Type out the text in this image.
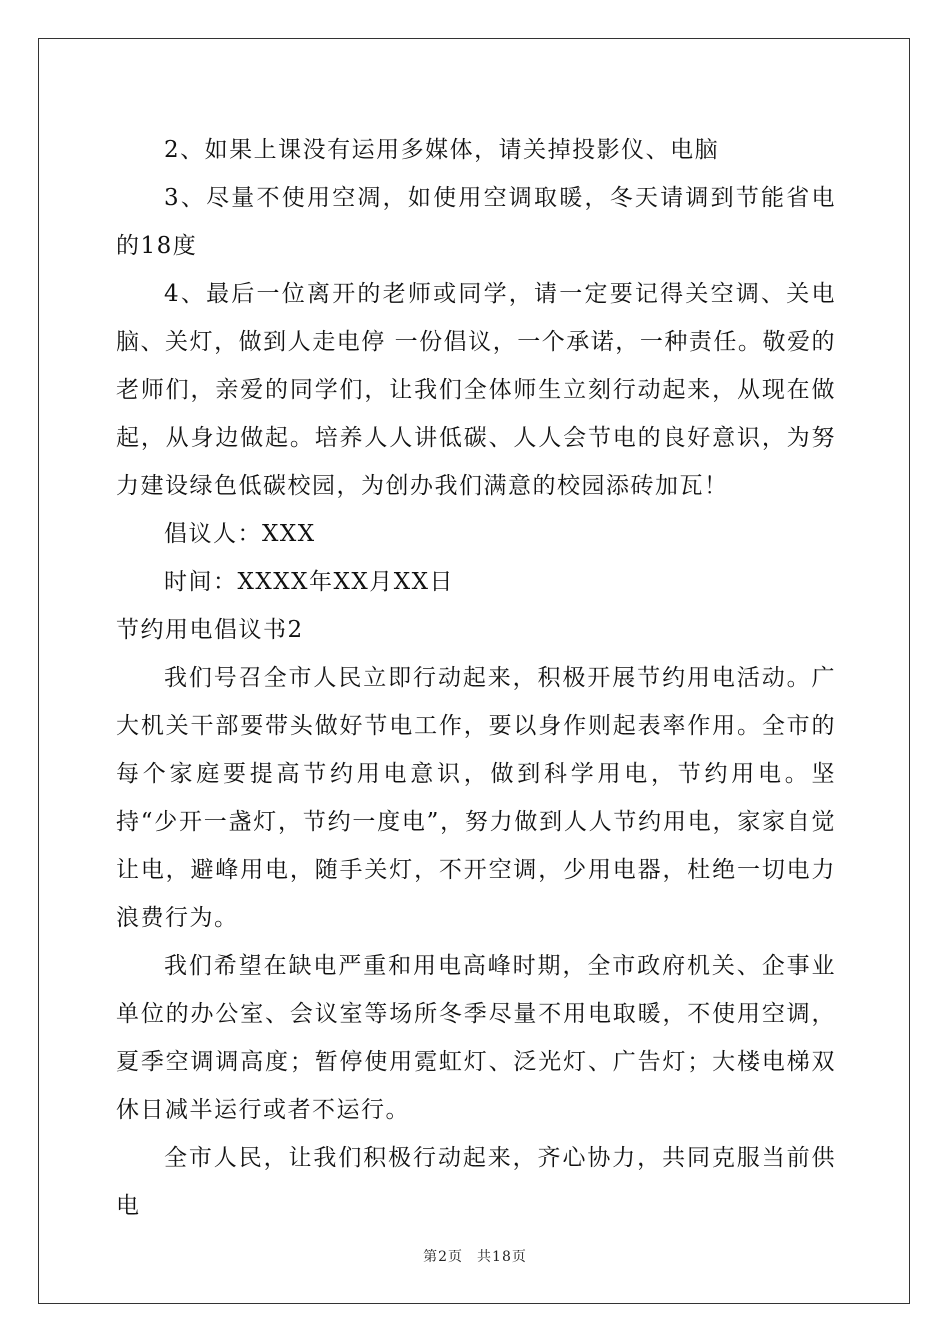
2、如果上课没有运用多媒体，请关掉投影仪、电脑

3、尽量不使用空凋，如使用空调取暖，冬天请调到节能省电的18度

4、最后一位离开的老师或同学，请一定要记得关空调、关电脑、关灯，做到人走电停 一份倡议，一个承诺，一种责任。敬爱的老师们，亲爱的同学们，让我们全体师生立刻行动起来，从现在做起，从身边做起。培养人人讲低碳、人人会节电的良好意识，为努力建设绿色低碳校园，为创办我们满意的校园添砖加瓦！

倡议人：XXX

时间：XXXX年XX月XX日

节约用电倡议书2

我们号召全市人民立即行动起来，积极开展节约用电活动。广大机关干部要带头做好节电工作，要以身作则起表率作用。全市的每个家庭要提高节约用电意识，做到科学用电，节约用电。坚持“少开一盏灯，节约一度电”，努力做到人人节约用电，家家自觉让电，避峰用电，随手关灯，不开空调，少用电器，杜绝一切电力浪费行为。

我们希望在缺电严重和用电高峰时期，全市政府机关、企事业单位的办公室、会议室等场所冬季尽量不用电取暖，不使用空调，夏季空调调高度；暂停使用霓虹灯、泛光灯、广告灯；大楼电梯双休日减半运行或者不运行。

全市人民，让我们积极行动起来，齐心协力，共同克服当前供电

第2页 共18页
